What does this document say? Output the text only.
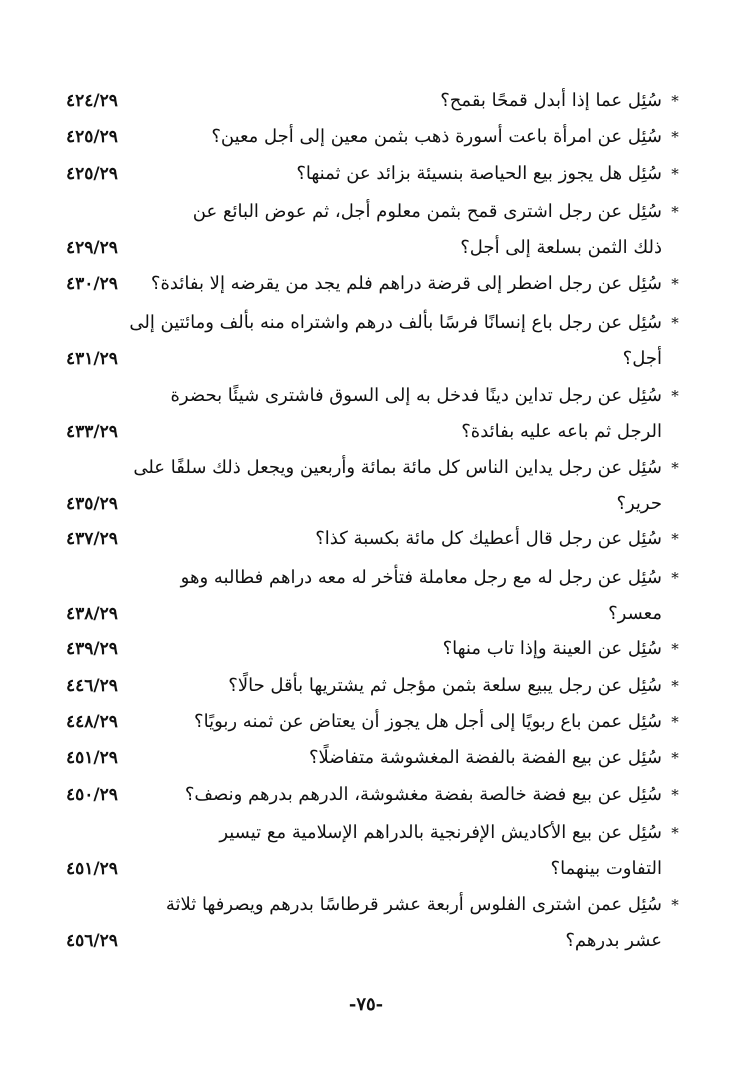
*
سُئِل عما إذا أبدل قمحًا بقمح؟
٤٢٤/٢٩
*
سُئِل عن امرأة باعت أسورة ذهب بثمن معين إلى أجل معين؟
٤٢٥/٢٩
*
سُئِل هل يجوز بيع الحياصة بنسيئة بزائد عن ثمنها؟
٤٢٥/٢٩
*
سُئِل عن رجل اشترى قمح بثمن معلوم أجل، ثم عوض البائع عن
ذلك الثمن بسلعة إلى أجل؟
٤٢٩/٢٩
*
سُئِل عن رجل اضطر إلى قرضة دراهم فلم يجد من يقرضه إلا بفائدة؟
٤٣٠/٢٩
*
سُئِل عن رجل باع إنسانًا فرسًا بألف درهم واشتراه منه بألف ومائتين إلى
أجل؟
٤٣١/٢٩
*
سُئِل عن رجل تداين دينًا فدخل به إلى السوق فاشترى شيئًا بحضرة
الرجل ثم باعه عليه بفائدة؟
٤٣٣/٢٩
*
سُئِل عن رجل يداين الناس كل مائة بمائة وأربعين ويجعل ذلك سلفًا على
حرير؟
٤٣٥/٢٩
*
سُئِل عن رجل قال أعطيك كل مائة بكسبة كذا؟
٤٣٧/٢٩
*
سُئِل عن رجل له مع رجل معاملة فتأخر له معه دراهم فطالبه وهو
معسر؟
٤٣٨/٢٩
*
سُئِل عن العينة وإذا تاب منها؟
٤٣٩/٢٩
*
سُئِل عن رجل يبيع سلعة بثمن مؤجل ثم يشتريها بأقل حالًا؟
٤٤٦/٢٩
*
سُئِل عمن باع ربويًا إلى أجل هل يجوز أن يعتاض عن ثمنه ربويًا؟
٤٤٨/٢٩
*
سُئِل عن بيع الفضة بالفضة المغشوشة متفاضلًا؟
٤٥١/٢٩
*
سُئِل عن بيع فضة خالصة بفضة مغشوشة، الدرهم بدرهم ونصف؟
٤٥٠/٢٩
*
سُئِل عن بيع الأكاديش الإفرنجية بالدراهم الإسلامية مع تيسير
التفاوت بينهما؟
٤٥١/٢٩
*
سُئِل عمن اشترى الفلوس أربعة عشر قرطاسًا بدرهم ويصرفها ثلاثة
عشر بدرهم؟
٤٥٦/٢٩
-٧٥-
